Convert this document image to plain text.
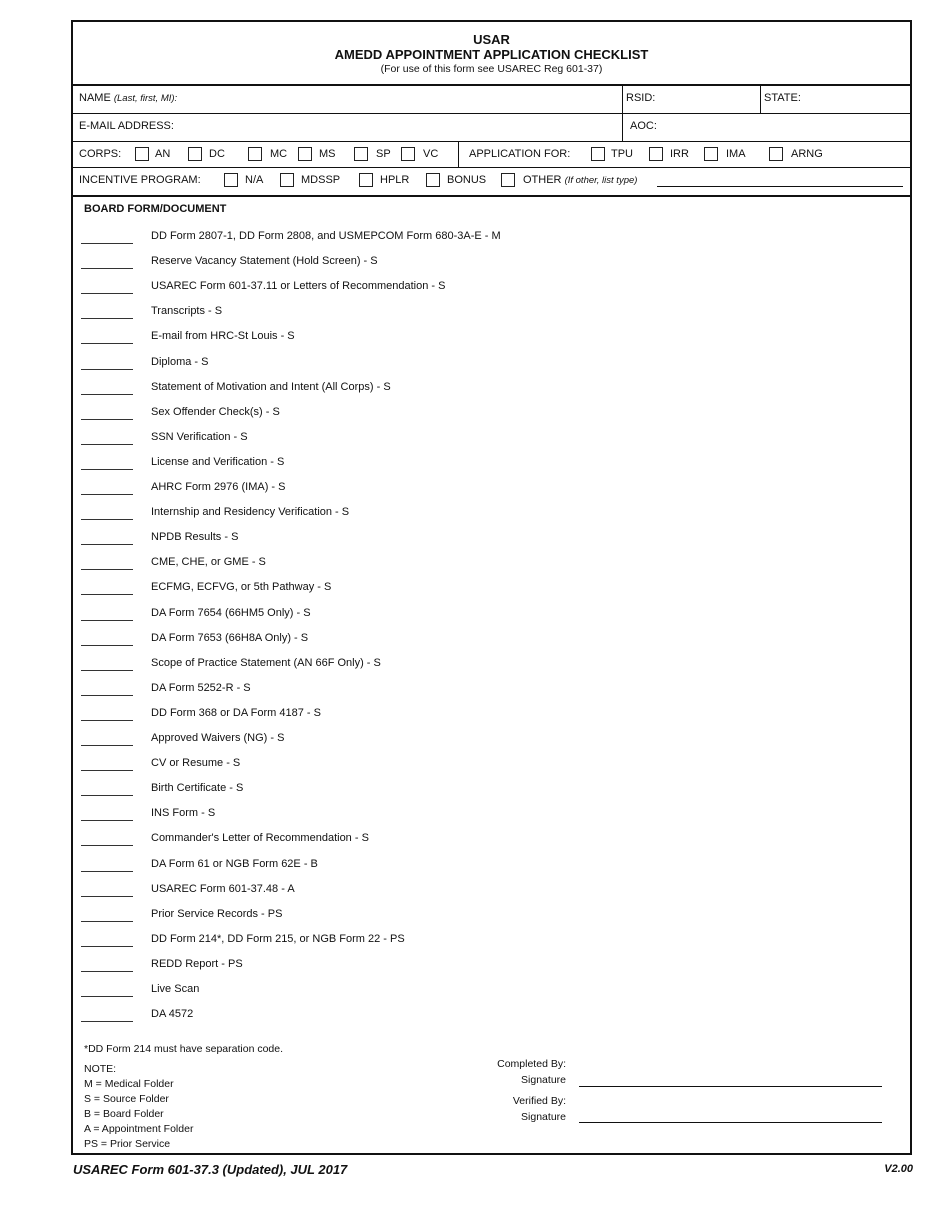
USAR
AMEDD APPOINTMENT APPLICATION CHECKLIST
(For use of this form see USAREC Reg 601-37)
NAME (Last, first, MI):	RSID:	STATE:
E-MAIL ADDRESS:	AOC:
CORPS:	AN	DC	MC	MS	SP	VC	APPLICATION FOR:	TPU	IRR	IMA	ARNG
INCENTIVE PROGRAM:	N/A	MDSSP	HPLR	BONUS	OTHER (If other, list type)
BOARD FORM/DOCUMENT
DD Form 2807-1, DD Form 2808, and USMEPCOM Form 680-3A-E - M
Reserve Vacancy Statement (Hold Screen) - S
USAREC Form 601-37.11 or Letters of Recommendation - S
Transcripts - S
E-mail from HRC-St Louis - S
Diploma - S
Statement of Motivation and Intent (All Corps) - S
Sex Offender Check(s) - S
SSN Verification - S
License and Verification - S
AHRC Form 2976 (IMA) - S
Internship and Residency Verification - S
NPDB Results - S
CME, CHE, or GME - S
ECFMG, ECFVG, or 5th Pathway - S
DA Form 7654 (66HM5 Only) - S
DA Form 7653 (66H8A Only) - S
Scope of Practice Statement (AN 66F Only) - S
DA Form 5252-R - S
DD Form 368 or DA Form 4187 - S
Approved Waivers (NG) - S
CV or Resume - S
Birth Certificate - S
INS Form - S
Commander's Letter of Recommendation - S
DA Form 61 or NGB Form 62E - B
USAREC Form 601-37.48 - A
Prior Service Records - PS
DD Form 214*, DD Form 215, or NGB Form 22 - PS
REDD Report - PS
Live Scan
DA 4572
*DD Form 214 must have separation code.
NOTE:
M = Medical Folder
S = Source Folder
B = Board Folder
A = Appointment Folder
PS = Prior Service
Completed By:
Signature
Verified By:
Signature
USAREC Form 601-37.3 (Updated), JUL 2017	V2.00
